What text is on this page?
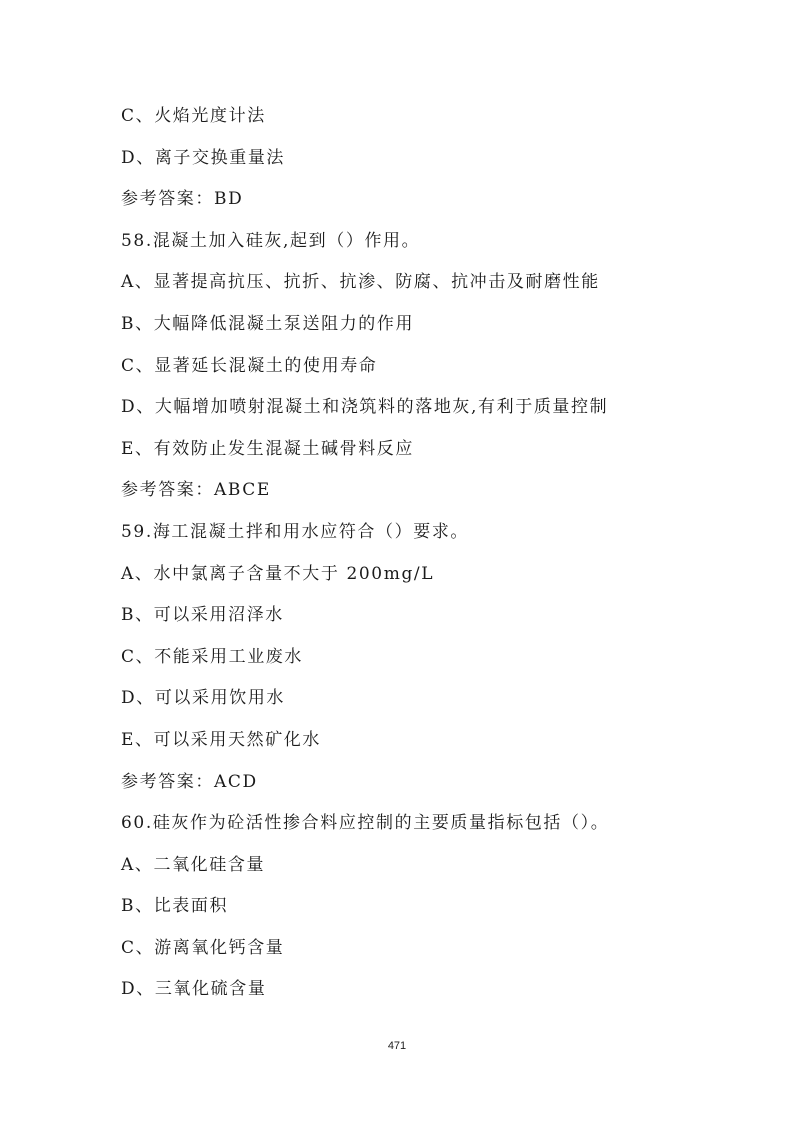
C、火焰光度计法
D、离子交换重量法
参考答案：BD
58.混凝土加入硅灰,起到（）作用。
A、显著提高抗压、抗折、抗渗、防腐、抗冲击及耐磨性能
B、大幅降低混凝土泵送阻力的作用
C、显著延长混凝土的使用寿命
D、大幅增加喷射混凝土和浇筑料的落地灰,有利于质量控制
E、有效防止发生混凝土碱骨料反应
参考答案：ABCE
59.海工混凝土拌和用水应符合（）要求。
A、水中氯离子含量不大于 200mg/L
B、可以采用沼泽水
C、不能采用工业废水
D、可以采用饮用水
E、可以采用天然矿化水
参考答案：ACD
60.硅灰作为砼活性掺合料应控制的主要质量指标包括（）。
A、二氧化硅含量
B、比表面积
C、游离氧化钙含量
D、三氧化硫含量
471
